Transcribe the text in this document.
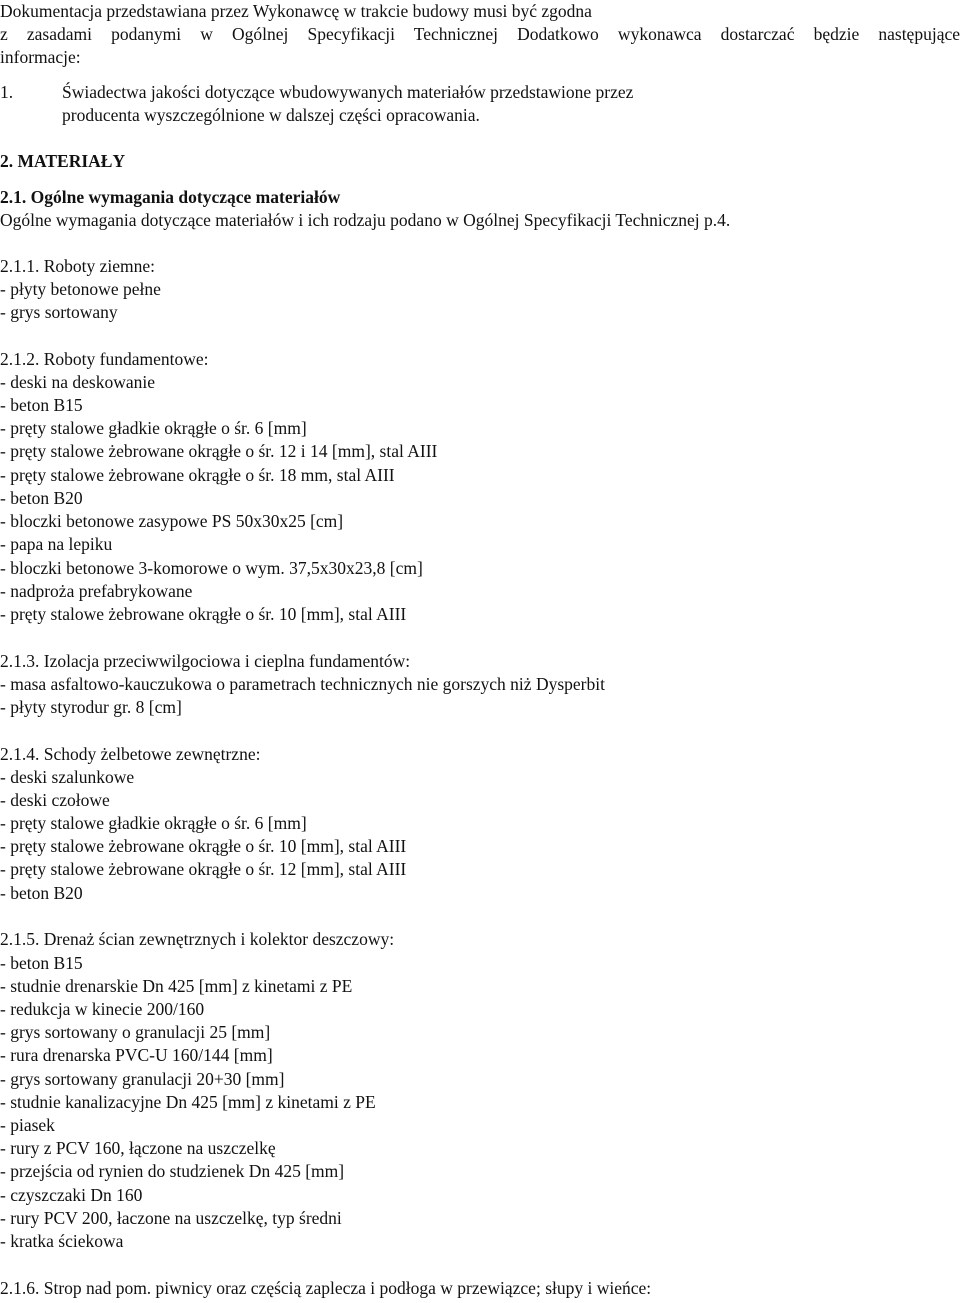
Dokumentacja przedstawiana przez Wykonawcę w trakcie budowy musi być zgodna
z zasadami podanymi w Ogólnej Specyfikacji Technicznej Dodatkowo wykonawca dostarczać będzie następujące
informacje:
1.	Świadectwa jakości dotyczące wbudowywanych materiałów przedstawione przez
producenta wyszczególnione w dalszej części opracowania.
2. MATERIAŁY
2.1. Ogólne wymagania dotyczące materiałów
Ogólne wymagania dotyczące materiałów i ich rodzaju podano w Ogólnej Specyfikacji Technicznej p.4.
2.1.1. Roboty ziemne:
- płyty betonowe pełne
- grys sortowany
2.1.2. Roboty fundamentowe:
- deski na deskowanie
- beton B15
- pręty stalowe gładkie okrągłe o śr. 6 [mm]
- pręty stalowe żebrowane okrągłe o śr. 12 i 14 [mm], stal AIII
- pręty stalowe żebrowane okrągłe o śr. 18 mm, stal AIII
- beton B20
- bloczki betonowe zasypowe PS 50x30x25 [cm]
- papa na lepiku
- bloczki betonowe 3-komorowe o wym. 37,5x30x23,8 [cm]
- nadproża prefabrykowane
- pręty stalowe żebrowane okrągłe o śr. 10 [mm], stal AIII
2.1.3. Izolacja przeciwwilgociowa i cieplna fundamentów:
- masa asfaltowo-kauczukowa o parametrach technicznych nie gorszych niż Dysperbit
- płyty styrodur gr. 8 [cm]
2.1.4. Schody żelbetowe zewnętrzne:
- deski szalunkowe
- deski czołowe
- pręty stalowe gładkie okrągłe o śr. 6 [mm]
- pręty stalowe żebrowane okrągłe o śr. 10 [mm], stal AIII
- pręty stalowe żebrowane okrągłe o śr. 12 [mm], stal AIII
- beton B20
2.1.5. Drenaż ścian zewnętrznych i kolektor deszczowy:
- beton B15
- studnie drenarskie Dn 425 [mm] z kinetami z PE
- redukcja w kinecie 200/160
- grys sortowany o granulacji 25 [mm]
- rura drenarska PVC-U 160/144 [mm]
- grys sortowany granulacji 20+30 [mm]
- studnie kanalizacyjne Dn 425 [mm] z kinetami z PE
- piasek
- rury z PCV 160, łączone na uszczelkę
- przejścia od rynien do studzienek Dn 425 [mm]
- czyszczaki Dn 160
- rury PCV 200, łaczone na uszczelkę, typ średni
- kratka ściekowa
2.1.6. Strop nad pom. piwnicy oraz częścią zaplecza i podłoga w przewiązce; słupy i wieńce:
